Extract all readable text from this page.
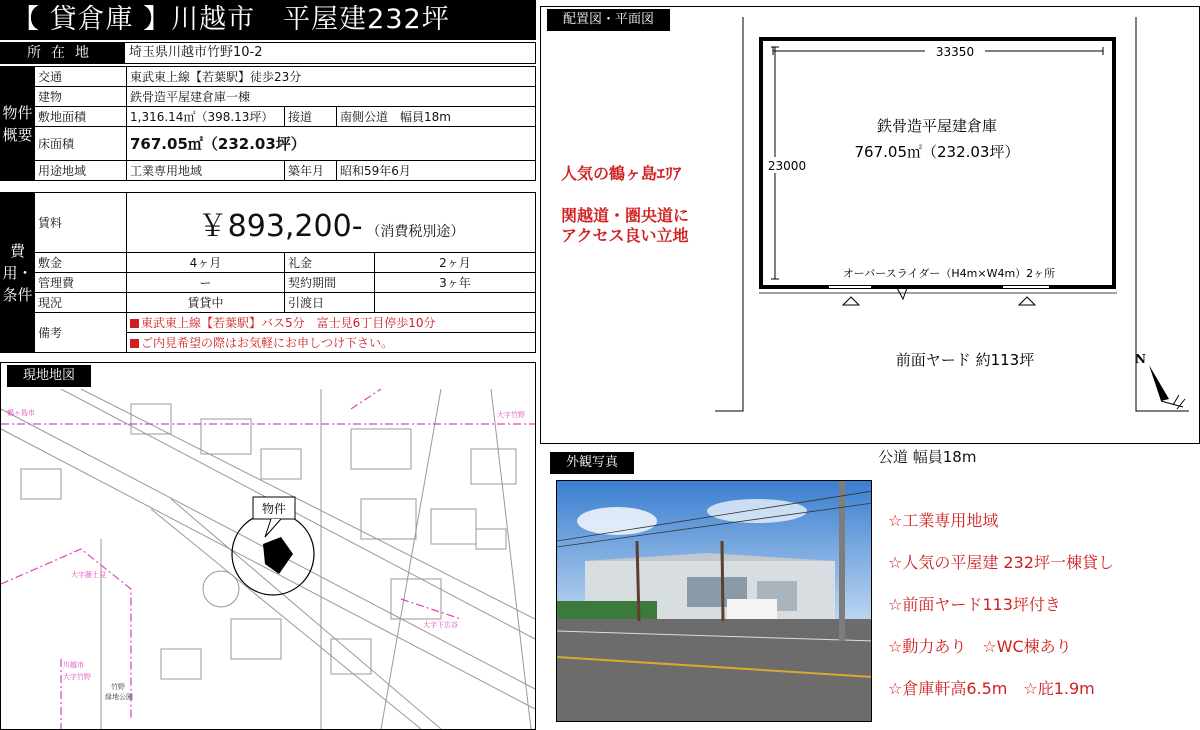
【 貸倉庫 】川越市　平屋建232坪
所在地	埼玉県川越市竹野10-2
物件概要	交通	東武東上線【若葉駅】徒歩23分		
	建物	鉄骨造平屋建倉庫一棟		
	敷地面積	1,316.14㎡（398.13坪）	接道	南側公道　幅員18m
	床面積	767.05㎡（232.03坪）		
	用途地域	工業専用地域	築年月	昭和59年6月
費用・条件	賃料	￥893,200- （消費税別途）		
	敷金	4ヶ月	礼金	2ヶ月
	管理費	ー	契約期間	3ヶ年
	現況	賃貸中	引渡日	
	備考	東武東上線【若葉駅】バス5分　富士見6丁目停歩10分		
		ご内見希望の際はお気軽にお申しつけ下さい。		
現地地図
物件
鶴ヶ島市	大字竹野
大字藤土見
大字下広谷
川越市
大字竹野
竹野
緑地公園
配置図・平面図
33350
23000
鉄骨造平屋建倉庫
767.05㎡（232.03坪）
オーバースライダー（H4m×W4m）2ヶ所
前面ヤード 約113坪	N
人気の鶴ヶ島ｴﾘｱ
関越道・圏央道に
アクセス良い立地
公道 幅員18m
外観写真
☆工業専用地域
☆人気の平屋建 232坪一棟貸し
☆前面ヤード113坪付き
☆動力あり　☆WC棟あり
☆倉庫軒高6.5m　☆庇1.9m
